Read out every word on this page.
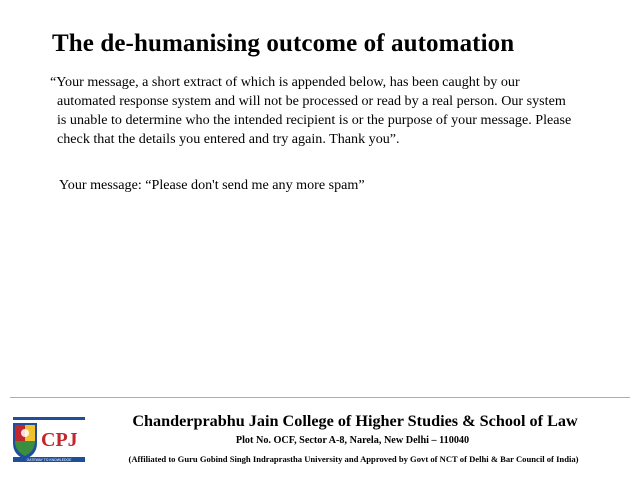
The de-humanising outcome of automation
“Your message, a short extract of which is appended below, has been caught by our
automated response system and will not be processed or read by a real person. Our system
is unable to determine who the intended recipient is or the purpose of your message. Please
check that the details you entered and try again. Thank you”.
Your message: “Please don't send me any more spam”
CPJ
GATEWAY TO KNOWLEDGE
Chanderprabhu Jain College of Higher Studies & School of Law
Plot No. OCF, Sector A-8, Narela, New Delhi – 110040
(Affiliated to Guru Gobind Singh Indraprastha University and Approved by Govt of NCT of Delhi & Bar Council of India)
